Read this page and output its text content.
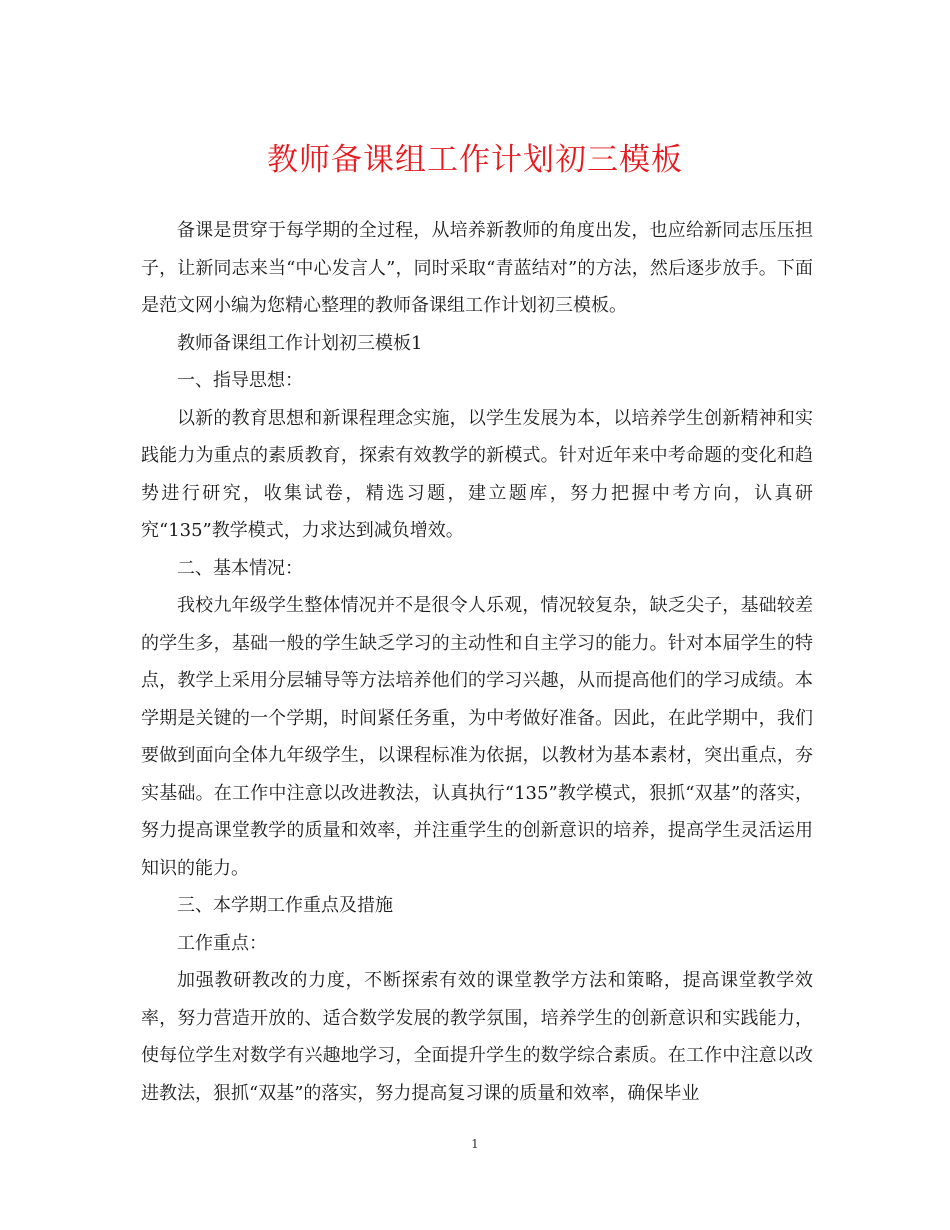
教师备课组工作计划初三模板

备课是贯穿于每学期的全过程，从培养新教师的角度出发，也应给新同志压压担子，让新同志来当“中心发言人”，同时采取“青蓝结对”的方法，然后逐步放手。下面是范文网小编为您精心整理的教师备课组工作计划初三模板。

教师备课组工作计划初三模板1

一、指导思想：

以新的教育思想和新课程理念实施，以学生发展为本，以培养学生创新精神和实践能力为重点的素质教育，探索有效教学的新模式。针对近年来中考命题的变化和趋势进行研究，收集试卷，精选习题，建立题库，努力把握中考方向，认真研究“135”教学模式，力求达到减负增效。

二、基本情况：

我校九年级学生整体情况并不是很令人乐观，情况较复杂，缺乏尖子，基础较差的学生多，基础一般的学生缺乏学习的主动性和自主学习的能力。针对本届学生的特点，教学上采用分层辅导等方法培养他们的学习兴趣，从而提高他们的学习成绩。本学期是关键的一个学期，时间紧任务重，为中考做好准备。因此，在此学期中，我们要做到面向全体九年级学生，以课程标准为依据，以教材为基本素材，突出重点，夯实基础。在工作中注意以改进教法，认真执行“135”教学模式，狠抓“双基”的落实，努力提高课堂教学的质量和效率，并注重学生的创新意识的培养，提高学生灵活运用知识的能力。

三、本学期工作重点及措施

工作重点：

加强教研教改的力度，不断探索有效的课堂教学方法和策略，提高课堂教学效率，努力营造开放的、适合数学发展的教学氛围，培养学生的创新意识和实践能力，使每位学生对数学有兴趣地学习，全面提升学生的数学综合素质。在工作中注意以改进教法，狠抓“双基”的落实，努力提高复习课的质量和效率，确保毕业

1
